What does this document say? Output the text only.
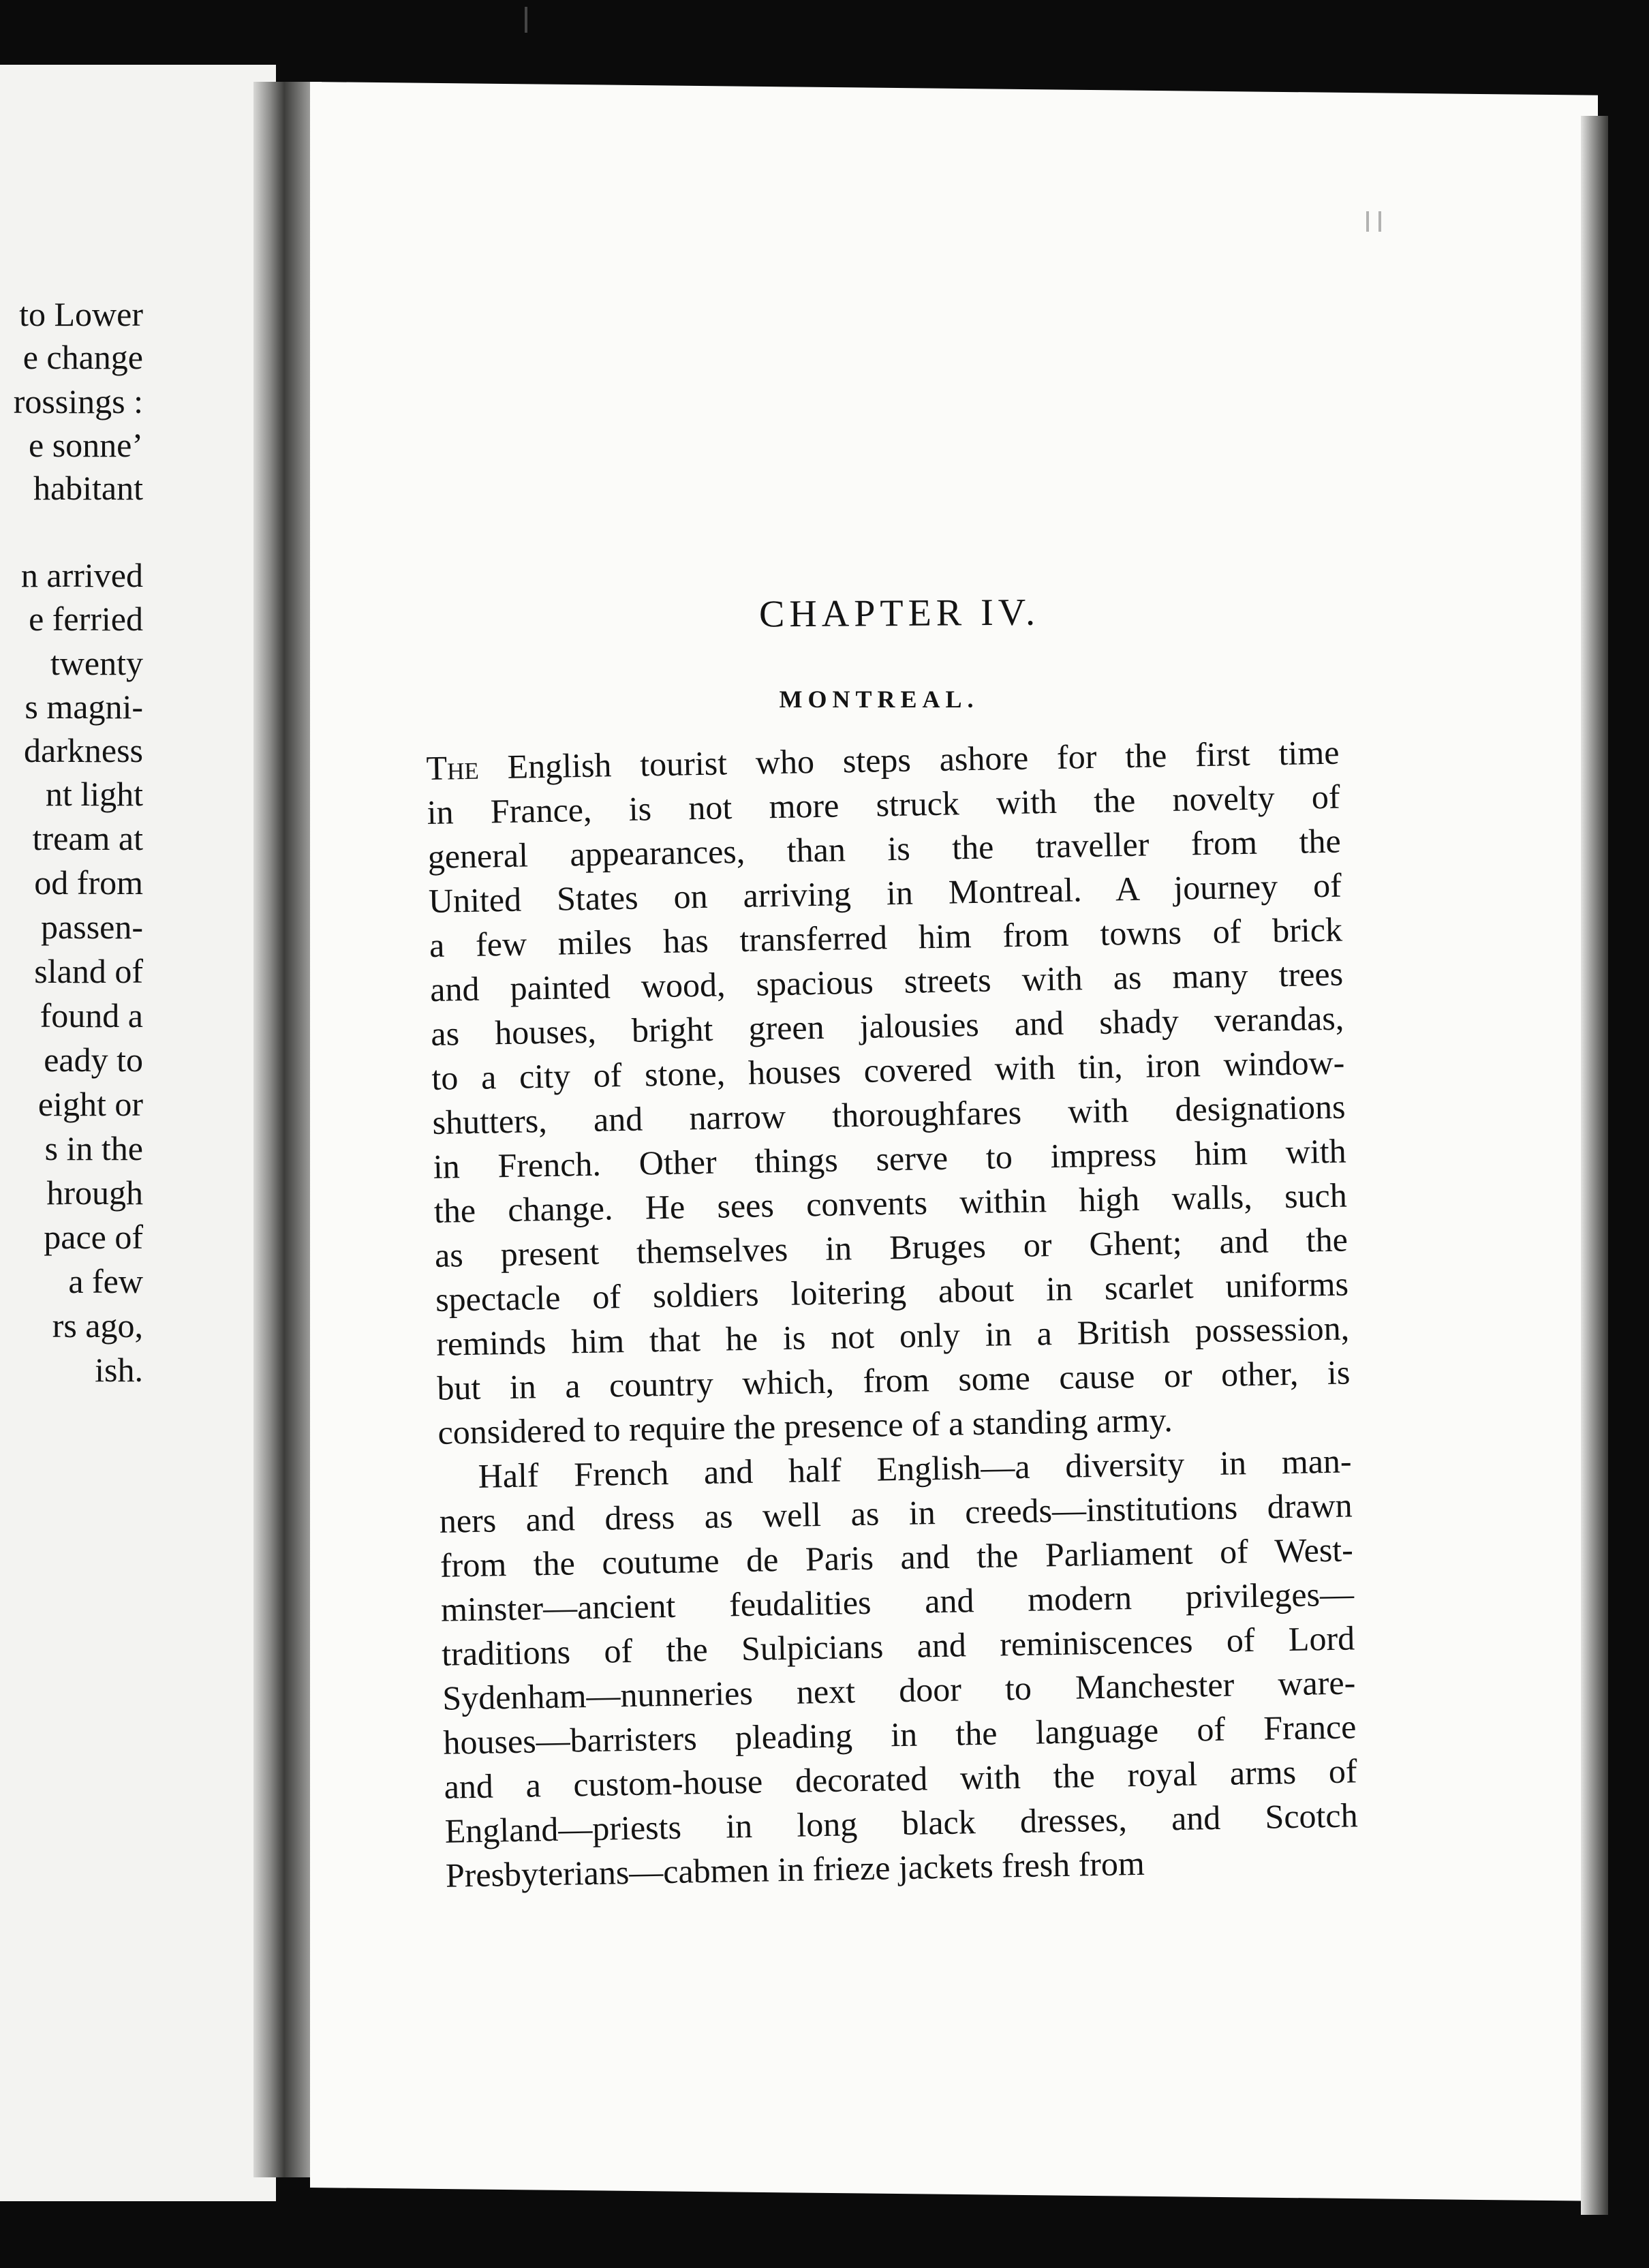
to Lower
e change
rossings :
e sonne’
habitant
n arrived
e ferried
twenty
s magni-
darkness
nt light
tream at
od from
passen-
sland of
found a
eady to
eight or
s in the
hrough
pace of
a few
rs ago,
ish.
CHAPTER IV.
MONTREAL.
The English tourist who steps ashore for the first time
in France, is not more struck with the novelty of
general appearances, than is the traveller from the
United States on arriving in Montreal. A journey of
a few miles has transferred him from towns of brick
and painted wood, spacious streets with as many trees
as houses, bright green jalousies and shady verandas,
to a city of stone, houses covered with tin, iron window-
shutters, and narrow thoroughfares with designations
in French. Other things serve to impress him with
the change. He sees convents within high walls, such
as present themselves in Bruges or Ghent; and the
spectacle of soldiers loitering about in scarlet uniforms
reminds him that he is not only in a British possession,
but in a country which, from some cause or other, is
considered to require the presence of a standing army.
Half French and half English—a diversity in man-
ners and dress as well as in creeds—institutions drawn
from the coutume de Paris and the Parliament of West-
minster—ancient feudalities and modern privileges—
traditions of the Sulpicians and reminiscences of Lord
Sydenham—nunneries next door to Manchester ware-
houses—barristers pleading in the language of France
and a custom-house decorated with the royal arms of
England—priests in long black dresses, and Scotch
Presbyterians—cabmen in frieze jackets fresh from
